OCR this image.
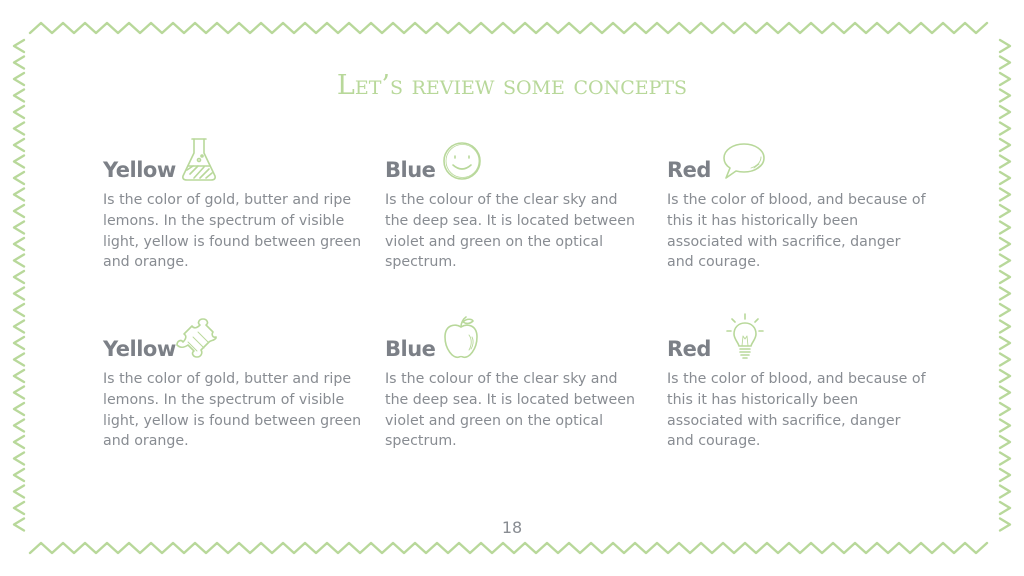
Let’s review some concepts
Yellow
Is the color of gold, butter and ripe lemons. In the spectrum of visible light, yellow is found between green and orange.
Blue
Is the colour of the clear sky and the deep sea. It is located between violet and green on the optical spectrum.
Red
Is the color of blood, and because of this it has historically been associated with sacrifice, danger and courage.
Yellow
Is the color of gold, butter and ripe lemons. In the spectrum of visible light, yellow is found between green and orange.
Blue
Is the colour of the clear sky and the deep sea. It is located between violet and green on the optical spectrum.
Red
Is the color of blood, and because of this it has historically been associated with sacrifice, danger and courage.
18
